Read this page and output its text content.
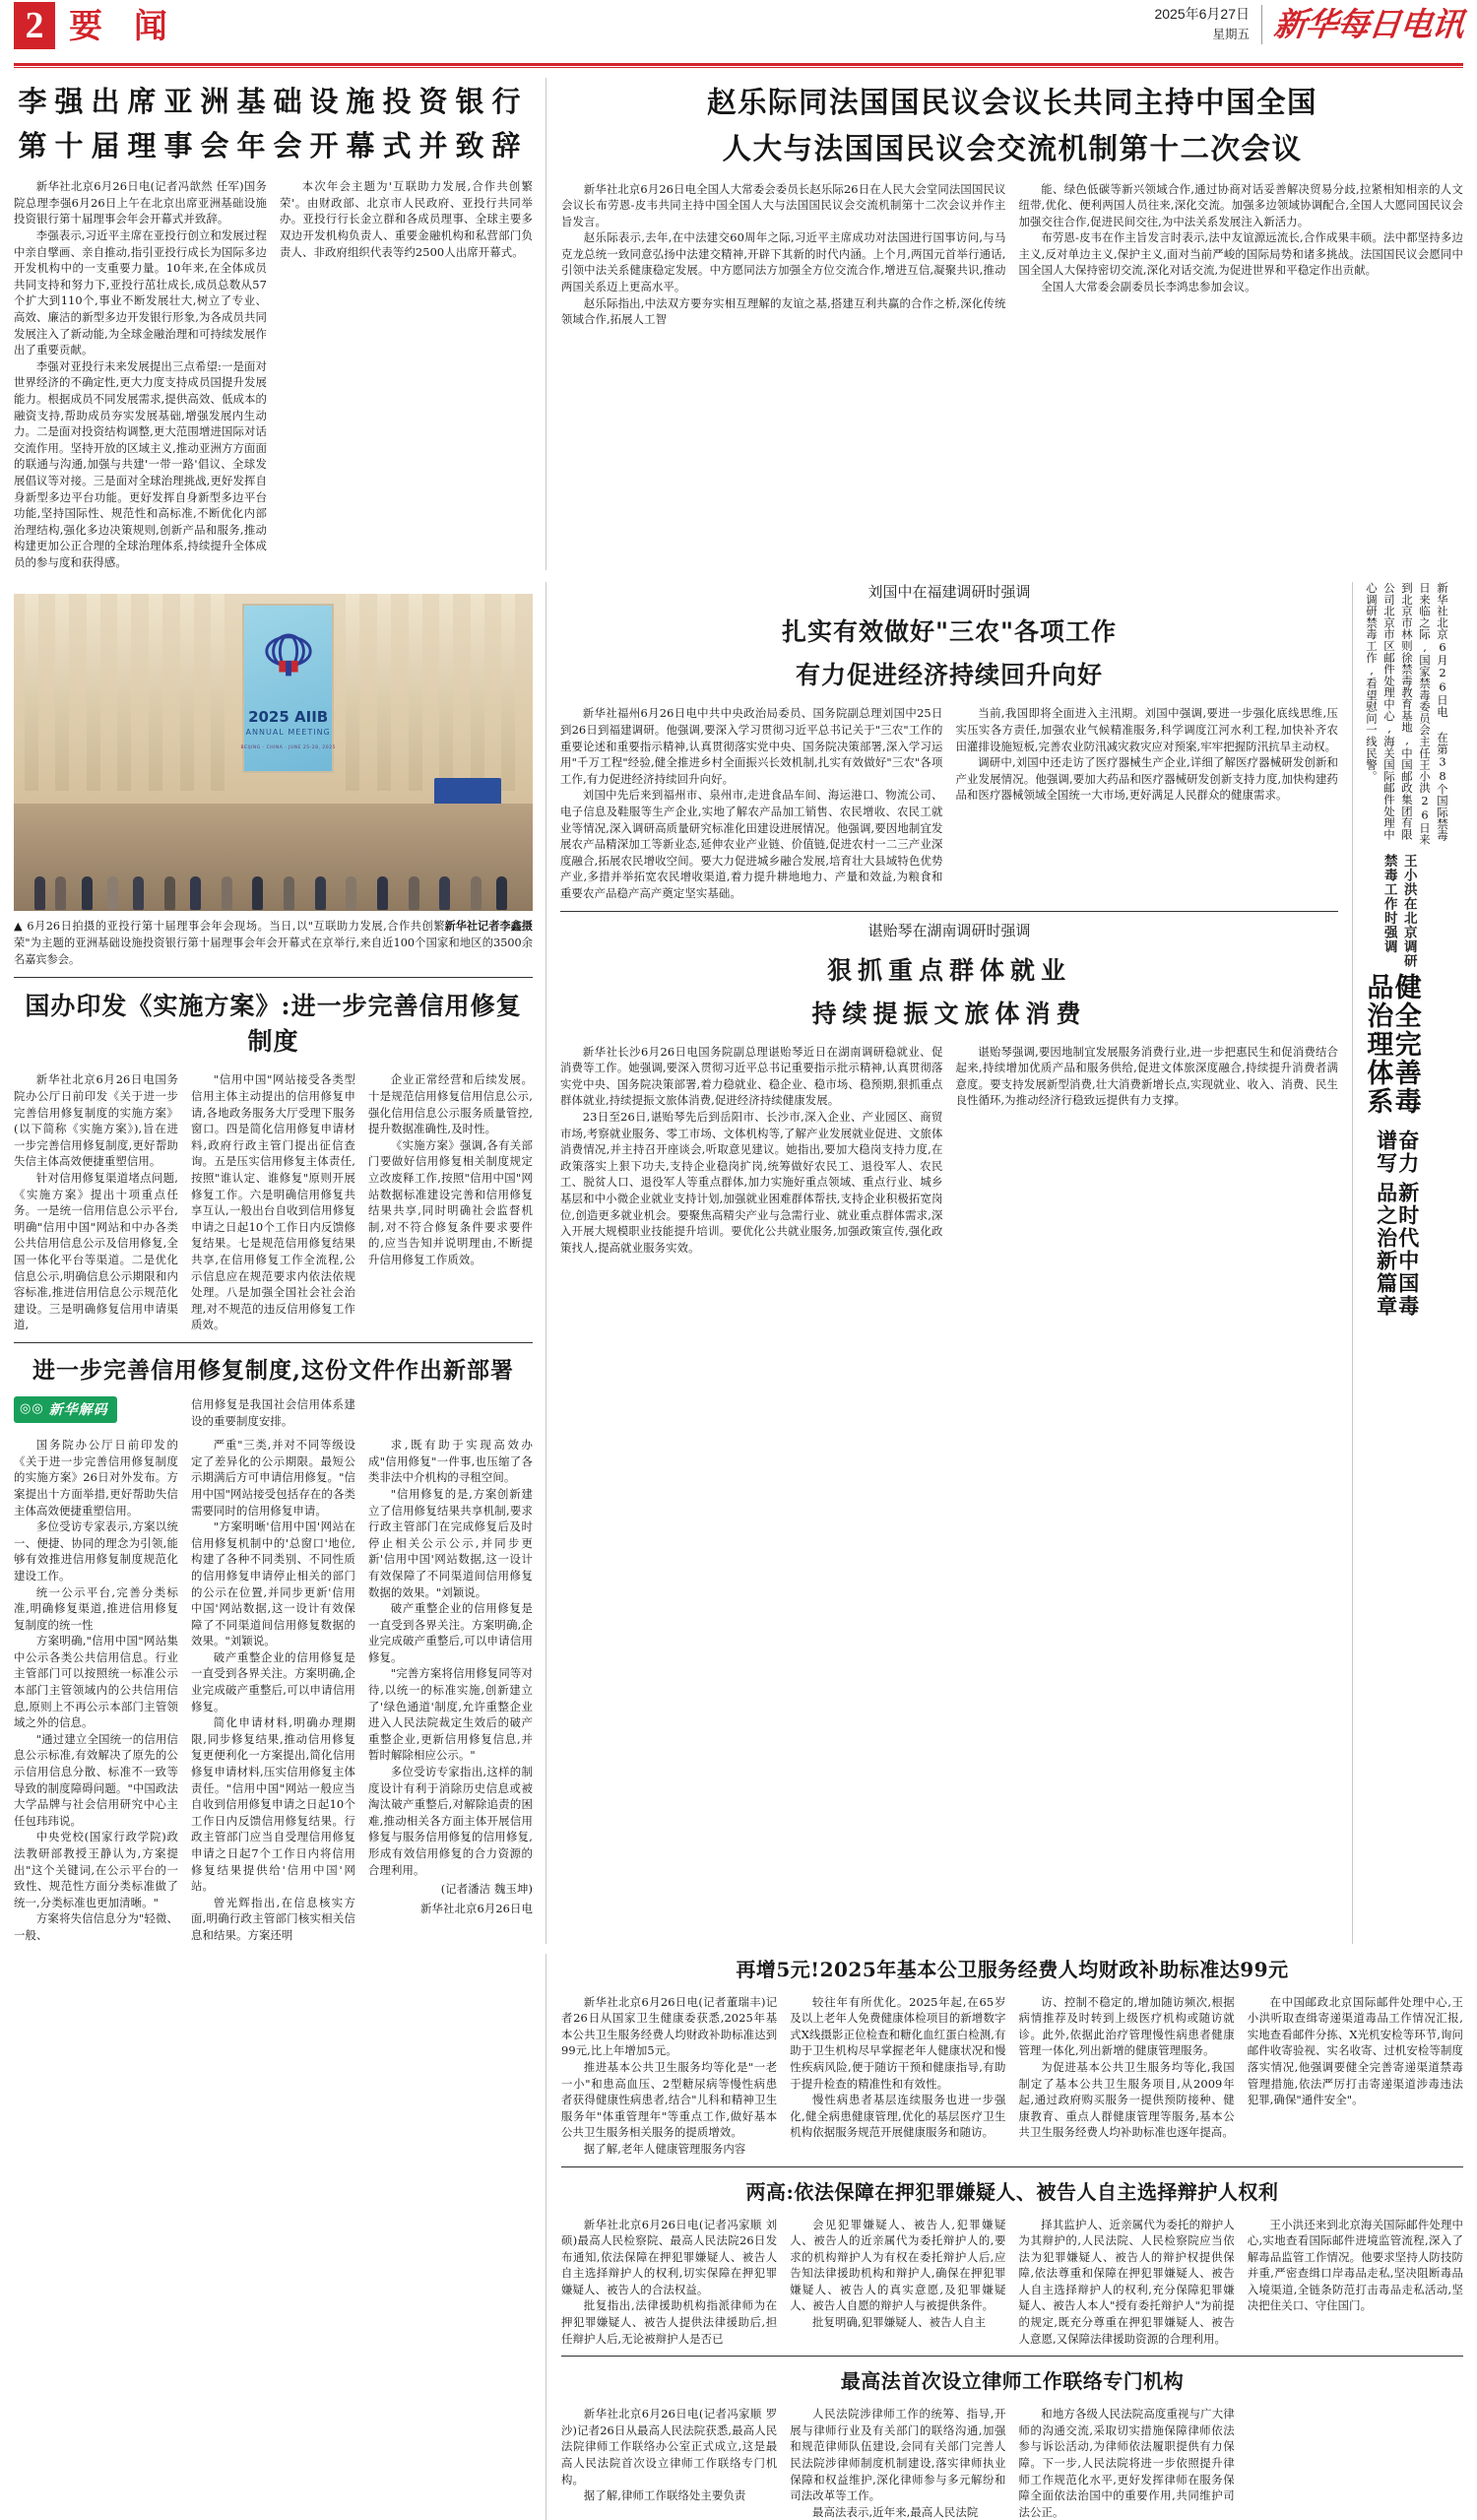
2 要 闻	2025年6月27日
星期五 新华每日电讯
李强出席亚洲基础设施投资银行
第十届理事会年会开幕式并致辞

新华社北京6月26日电(记者冯歆然 任军)国务院总理李强6月26日上午在北京出席亚洲基础设施投资银行第十届理事会年会开幕式并致辞。

李强表示,习近平主席在亚投行创立和发展过程中亲自擘画、亲自推动,指引亚投行成长为国际多边开发机构中的一支重要力量。10年来,在全体成员共同支持和努力下,亚投行茁壮成长,成员总数从57个扩大到110个,事业不断发展壮大,树立了专业、高效、廉洁的新型多边开发银行形象,为各成员共同发展注入了新动能,为全球金融治理和可持续发展作出了重要贡献。

李强对亚投行未来发展提出三点希望:一是面对世界经济的不确定性,更大力度支持成员国提升发展能力。根据成员不同发展需求,提供高效、低成本的融资支持,帮助成员夯实发展基础,增强发展内生动力。二是面对投资结构调整,更大范围增进国际对话交流作用。坚持开放的区域主义,推动亚洲方方面面的联通与沟通,加强与共建'一带一路'倡议、全球发展倡议等对接。三是面对全球治理挑战,更好发挥自身新型多边平台功能。更好发挥自身新型多边平台功能,坚持国际性、规范性和高标准,不断优化内部治理结构,强化多边决策规则,创新产品和服务,推动构建更加公正合理的全球治理体系,持续提升全体成员的参与度和获得感。

本次年会主题为'互联助力发展,合作共创繁荣'。由财政部、北京市人民政府、亚投行共同举办。亚投行行长金立群和各成员理事、全球主要多双边开发机构负责人、重要金融机构和私营部门负责人、非政府组织代表等约2500人出席开幕式。

赵乐际同法国国民议会议长共同主持中国全国
人大与法国国民议会交流机制第十二次会议

新华社北京6月26日电全国人大常委会委员长赵乐际26日在人民大会堂同法国国民议会议长布劳恩-皮韦共同主持中国全国人大与法国国民议会交流机制第十二次会议并作主旨发言。

赵乐际表示,去年,在中法建交60周年之际,习近平主席成功对法国进行国事访问,与马克龙总统一致同意弘扬中法建交精神,开辟下其新的时代内涵。上个月,两国元首举行通话,引领中法关系健康稳定发展。中方愿同法方加强全方位交流合作,增进互信,凝聚共识,推动两国关系迈上更高水平。

赵乐际指出,中法双方要夯实相互理解的友谊之基,搭建互利共赢的合作之桥,深化传统领域合作,拓展人工智

能、绿色低碳等新兴领域合作,通过协商对话妥善解决贸易分歧,拉紧相知相亲的人文纽带,优化、便利两国人员往来,深化交流。加强多边领域协调配合,全国人大愿同国民议会加强交往合作,促进民间交往,为中法关系发展注入新活力。

布劳恩-皮韦在作主旨发言时表示,法中友谊源远流长,合作成果丰硕。法中都坚持多边主义,反对单边主义,保护主义,面对当前严峻的国际局势和诸多挑战。法国国民议会愿同中国全国人大保持密切交流,深化对话交流,为促进世界和平稳定作出贡献。

全国人大常委会副委员长李鸿忠参加会议。

2025 AIIB
ANNUAL MEETING
BEIJING · CHINA · JUNE 25-28, 2025
新华社记者李鑫摄
▲ 6月26日拍摄的亚投行第十届理事会年会现场。当日,以"互联助力发展,合作共创繁荣"为主题的亚洲基础设施投资银行第十届理事会年会开幕式在京举行,来自近100个国家和地区的3500余名嘉宾参会。
国办印发《实施方案》:进一步完善信用修复制度

新华社北京6月26日电国务院办公厅日前印发《关于进一步完善信用修复制度的实施方案》(以下简称《实施方案》),旨在进一步完善信用修复制度,更好帮助失信主体高效便捷重塑信用。

针对信用修复渠道堵点问题,《实施方案》提出十项重点任务。一是统一信用信息公示平台,明确"信用中国"网站和中办各类公共信用信息公示及信用修复,全国一体化平台等渠道。二是优化信息公示,明确信息公示期限和内容标准,推进信用信息公示规范化建设。三是明确修复信用申请渠道,

"信用中国"网站接受各类型信用主体主动提出的信用修复申请,各地政务服务大厅受理下服务窗口。四是简化信用修复申请材料,政府行政主管门提出征信查询。五是压实信用修复主体责任,按照"谁认定、谁修复"原则开展修复工作。六是明确信用修复共享互认,一般出台自收到信用修复申请之日起10个工作日内反馈修复结果。七是规范信用修复结果共享,在信用修复工作全流程,公示信息应在规范要求内依法依规处理。八是加强全国社会社会治理,对不规范的违反信用修复工作质效。

企业正常经营和后续发展。十是规范信用修复信用信息公示,强化信用信息公示服务质量管控,提升数据准确性,及时性。

《实施方案》强调,各有关部门要做好信用修复相关制度规定立改废释工作,按照"信用中国"网站数据标准建设完善和信用修复结果共享,同时明确社会监督机制,对不符合修复条件要求要件的,应当告知并说明理由,不断提升信用修复工作质效。

进一步完善信用修复制度,这份文件作出新部署
◎◎ 新华解码	信用修复是我国社会信用体系建设的重要制度安排。

国务院办公厅日前印发的《关于进一步完善信用修复制度的实施方案》26日对外发布。方案提出十方面举措,更好帮助失信主体高效便捷重塑信用。

多位受访专家表示,方案以统一、便捷、协同的理念为引领,能够有效推进信用修复制度规范化建设工作。

统一公示平台,完善分类标准,明确修复渠道,推进信用修复复制度的统一性

方案明确,"信用中国"网站集中公示各类公共信用信息。行业主管部门可以按照统一标准公示本部门主管领域内的公共信用信息,原则上不再公示本部门主管领域之外的信息。

"通过建立全国统一的信用信息公示标准,有效解决了原先的公示信用信息分散、标准不一致等导致的制度障碍问题。"中国政法大学品牌与社会信用研究中心主任包玮玮说。

中央党校(国家行政学院)政法教研部教授王静认为,方案提出"这个关键词,在公示平台的一致性、规范性方面分类标准做了统一,分类标准也更加清晰。"

方案将失信信息分为"轻微、一般、

严重"三类,并对不同等级设定了差异化的公示期限。最短公示期满后方可申请信用修复。"信用中国"网站接受包括存在的各类需要同时的信用修复申请。

"方案明晰'信用中国'网站在信用修复机制中的'总窗口'地位,构建了各种不同类别、不同性质的信用修复申请停止相关的部门的公示在位置,并同步更新'信用中国'网站数据,这一设计有效保障了不同渠道间信用修复数据的效果。"刘颖说。

破产重整企业的信用修复是一直受到各界关注。方案明确,企业完成破产重整后,可以申请信用修复。

简化申请材料,明确办理期限,同步修复结果,推动信用修复复更便利化一方案提出,简化信用修复申请材料,压实信用修复主体责任。"信用中国"网站一般应当自收到信用修复申请之日起10个工作日内反馈信用修复结果。行政主管部门应当自受理信用修复申请之日起7个工作日内将信用修复结果提供给'信用中国'网站。

曾光辉指出,在信息核实方面,明确行政主管部门核实相关信息和结果。方案还明

求,既有助于实现高效办成"信用修复"一件事,也压缩了各类非法中介机构的寻租空间。

"信用修复的是,方案创新建立了信用修复结果共享机制,要求行政主管部门在完成修复后及时停止相关公示公示,并同步更新'信用中国'网站数据,这一设计有效保障了不同渠道间信用修复数据的效果。"刘颖说。

破产重整企业的信用修复是一直受到各界关注。方案明确,企业完成破产重整后,可以申请信用修复。

"完善方案将信用修复同等对待,以统一的标准实施,创新建立了'绿色通道'制度,允许重整企业进入人民法院裁定生效后的破产重整企业,更新信用修复信息,并暂时解除相应公示。"

多位受访专家指出,这样的制度设计有利于消除历史信息或被淘汰破产重整后,对解除追责的困难,推动相关各方面主体开展信用修复与服务信用修复的信用修复,形成有效信用修复的合力资源的合理利用。

(记者潘洁 魏玉坤)
新华社北京6月26日电
刘国中在福建调研时强调
扎实有效做好"三农"各项工作
有力促进经济持续回升向好

新华社福州6月26日电中共中央政治局委员、国务院副总理刘国中25日到26日到福建调研。他强调,要深入学习贯彻习近平总书记关于"三农"工作的重要论述和重要指示精神,认真贯彻落实党中央、国务院决策部署,深入学习运用"千万工程"经验,健全推进乡村全面振兴长效机制,扎实有效做好"三农"各项工作,有力促进经济持续回升向好。

刘国中先后来到福州市、泉州市,走进食品车间、海运港口、物流公司、电子信息及鞋服等生产企业,实地了解农产品加工销售、农民增收、农民工就业等情况,深入调研高质量研究标准化田建设进展情况。他强调,要因地制宜发展农产品精深加工等新业态,延伸农业产业链、价值链,促进农村一二三产业深度融合,拓展农民增收空间。要大力促进城乡融合发展,培育壮大县域特色优势产业,多措并举拓宽农民增收渠道,着力提升耕地地力、产量和效益,为粮食和重要农产品稳产高产奠定坚实基础。

当前,我国即将全面进入主汛期。刘国中强调,要进一步强化底线思维,压实压实各方责任,加强农业气候精准服务,科学调度江河水利工程,加快补齐农田灌排设施短板,完善农业防汛减灾救灾应对预案,牢牢把握防汛抗旱主动权。

调研中,刘国中还走访了医疗器械生产企业,详细了解医疗器械研发创新和产业发展情况。他强调,要加大药品和医疗器械研发创新支持力度,加快构建药品和医疗器械领域全国统一大市场,更好满足人民群众的健康需求。

谌贻琴在湖南调研时强调
狠抓重点群体就业
持续提振文旅体消费

新华社长沙6月26日电国务院副总理谌贻琴近日在湖南调研稳就业、促消费等工作。她强调,要深入贯彻习近平总书记重要指示批示精神,认真贯彻落实党中央、国务院决策部署,着力稳就业、稳企业、稳市场、稳预期,狠抓重点群体就业,持续提振文旅体消费,促进经济持续健康发展。

23日至26日,谌贻琴先后到岳阳市、长沙市,深入企业、产业园区、商贸市场,考察就业服务、零工市场、文体机构等,了解产业发展就业促进、文旅体消费情况,并主持召开座谈会,听取意见建议。她指出,要加大稳岗支持力度,在政策落实上狠下功夫,支持企业稳岗扩岗,统筹做好农民工、退役军人、农民工、脱贫人口、退役军人等重点群体,加力实施好重点领域、重点行业、城乡基层和中小微企业就业支持计划,加强就业困难群体帮扶,支持企业积极拓宽岗位,创造更多就业机会。要聚焦高精尖产业与急需行业、就业重点群体需求,深入开展大规模职业技能提升培训。要优化公共就业服务,加强政策宣传,强化政策找人,提高就业服务实效。

谌贻琴强调,要因地制宜发展服务消费行业,进一步把惠民生和促消费结合起来,持续增加优质产品和服务供给,促进文体旅深度融合,持续提升消费者满意度。要支持发展新型消费,壮大消费新增长点,实现就业、收入、消费、民生良性循环,为推动经济行稳致远提供有力支撑。

新华社北京6月26日电 在第38个国际禁毒日来临之际,国家禁毒委员会主任王小洪26日来到北京市林则徐禁毒教育基地,中国邮政集团有限公司北京市区邮件处理中心,海关国际邮件处理中心调研禁毒工作,看望慰问一线民警。
王小洪在北京调研禁毒工作时强调
健全完善毒品治理体系
奋力谱写
新时代中国毒品之治新篇章
再增5元!2025年基本公卫服务经费人均财政补助标准达99元

新华社北京6月26日电(记者董瑞丰)记者26日从国家卫生健康委获悉,2025年基本公共卫生服务经费人均财政补助标准达到99元,比上年增加5元。

推进基本公共卫生服务均等化是"一老一小"和患高血压、2型糖尿病等慢性病患者获得健康性病患者,结合"儿科和精神卫生服务年"体重管理年"等重点工作,做好基本公共卫生服务相关服务的提质增效。

据了解,老年人健康管理服务内容

较往年有所优化。2025年起,在65岁及以上老年人免费健康体检项目的新增数字式X线摄影正位检查和糖化血红蛋白检测,有助于卫生机构尽早掌握老年人健康状况和慢性疾病风险,便于随访干预和健康指导,有助于提升检查的精准性和有效性。

慢性病患者基层连续服务也进一步强化,健全病患健康管理,优化的基层医疗卫生机构依据服务规范开展健康服务和随访。

访、控制不稳定的,增加随访频次,根据病情推荐及时转到上级医疗机构或随访就诊。此外,依据此治疗管理慢性病患者健康管理一体化,列出新增的健康管理服务。

为促进基本公共卫生服务均等化,我国制定了基本公共卫生服务项目,从2009年起,通过政府购买服务一提供预防接种、健康教育、重点人群健康管理等服务,基本公共卫生服务经费人均补助标准也逐年提高。

在中国邮政北京国际邮件处理中心,王小洪听取查缉寄递渠道毒品工作情况汇报,实地查看邮件分拣、X光机安检等环节,询问邮件收寄验视、实名收寄、过机安检等制度落实情况,他强调要健全完善寄递渠道禁毒管理措施,依法严厉打击寄递渠道涉毒违法犯罪,确保"通件安全"。

两高:依法保障在押犯罪嫌疑人、被告人自主选择辩护人权利

新华社北京6月26日电(记者冯家顺 刘硕)最高人民检察院、最高人民法院26日发布通知,依法保障在押犯罪嫌疑人、被告人自主选择辩护人的权利,切实保障在押犯罪嫌疑人、被告人的合法权益。

批复指出,法律援助机构指派律师为在押犯罪嫌疑人、被告人提供法律援助后,担任辩护人后,无论被辩护人是否已

会见犯罪嫌疑人、被告人,犯罪嫌疑人、被告人的近亲属代为委托辩护人的,要求的机构辩护人为有权在委托辩护人后,应告知法律援助机构和辩护人,确保在押犯罪嫌疑人、被告人的真实意愿,及犯罪嫌疑人、被告人自愿的辩护人与被提供条件。

批复明确,犯罪嫌疑人、被告人自主

择其监护人、近亲属代为委托的辩护人为其辩护的,人民法院、人民检察院应当依法为犯罪嫌疑人、被告人的辩护权提供保障,依法尊重和保障在押犯罪嫌疑人、被告人自主选择辩护人的权利,充分保障犯罪嫌疑人、被告人本人"授有委托辩护人"为前提的规定,既充分尊重在押犯罪嫌疑人、被告人意愿,又保障法律援助资源的合理利用。

王小洪还来到北京海关国际邮件处理中心,实地查看国际邮件进境监管流程,深入了解毒品监管工作情况。他要求坚持人防技防并重,严密查缉口岸毒品走私,坚决阻断毒品入境渠道,全链条防范打击毒品走私活动,坚决把住关口、守住国门。

最高法首次设立律师工作联络专门机构

新华社北京6月26日电(记者冯家顺 罗沙)记者26日从最高人民法院获悉,最高人民法院律师工作联络办公室正式成立,这是最高人民法院首次设立律师工作联络专门机构。

据了解,律师工作联络处主要负责

人民法院涉律师工作的统筹、指导,开展与律师行业及有关部门的联络沟通,加强和规范律师队伍建设,会同有关部门完善人民法院涉律师制度机制建设,落实律师执业保障和权益维护,深化律师参与多元解纷和司法改革等工作。

最高法表示,近年来,最高人民法院

和地方各级人民法院高度重视与广大律师的沟通交流,采取切实措施保障律师依法参与诉讼活动,为律师依法履职提供有力保障。下一步,人民法院将进一步依照提升律师工作规范化水平,更好发挥律师在服务保障全面依法治国中的重要作用,共同维护司法公正。
